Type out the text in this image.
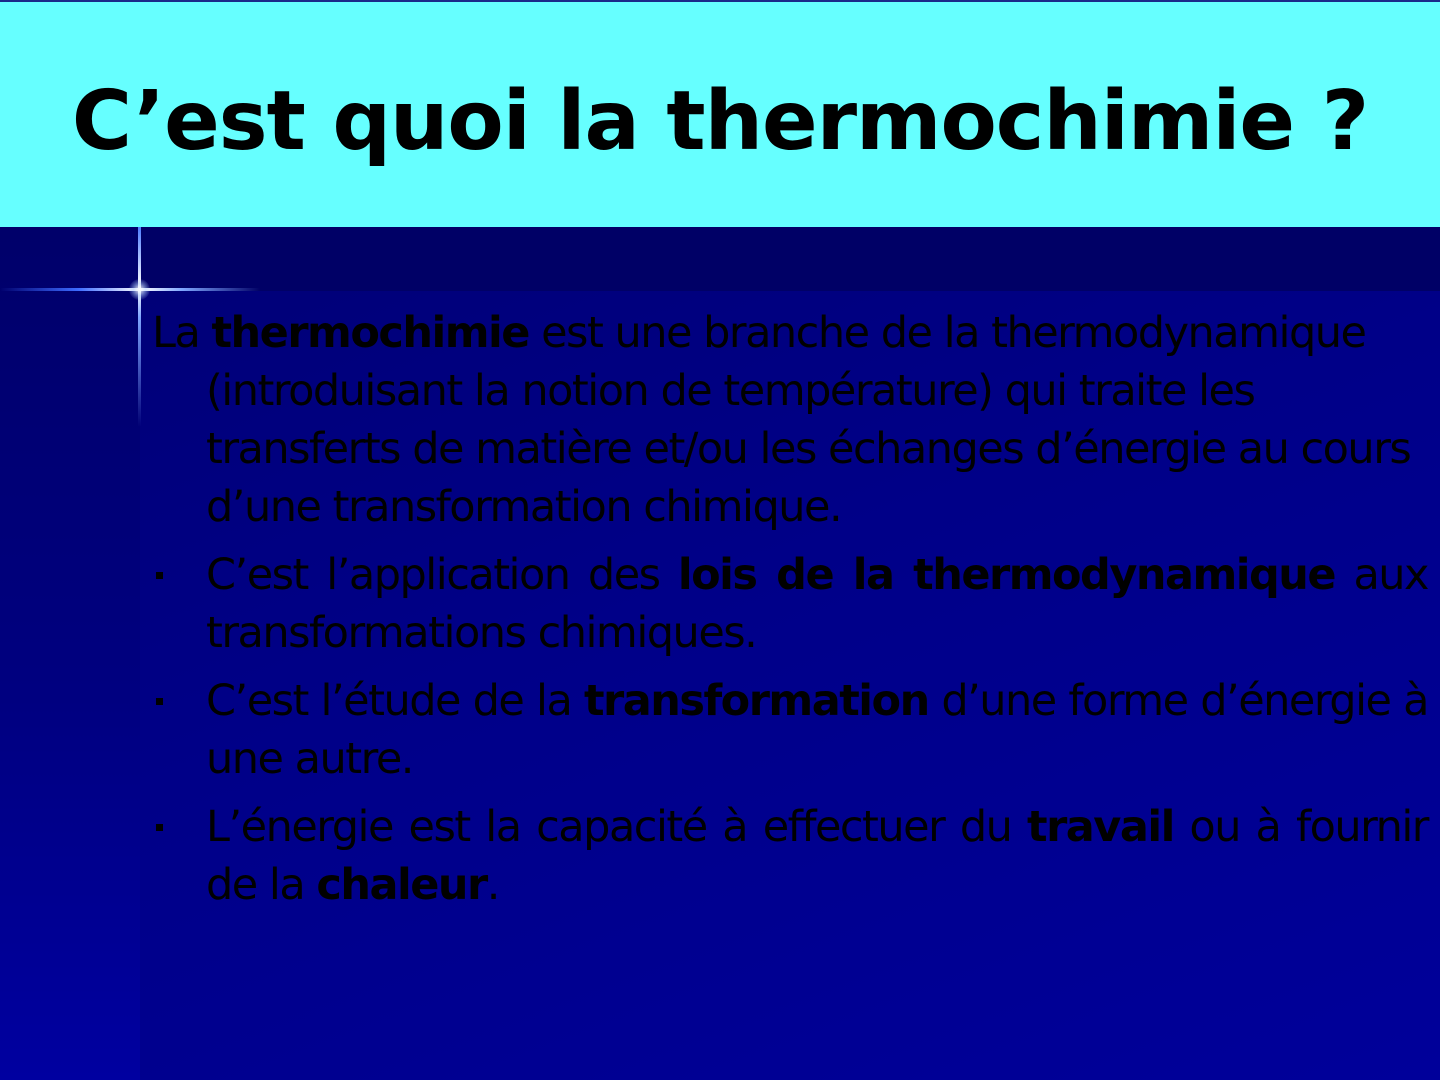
C’est quoi la thermochimie ?

La thermochimie est une branche de la thermodynamique (introduisant la notion de température) qui traite les transferts de matière et/ou les échanges d’énergie au cours d’une transformation chimique.

C’est l’application des lois de la thermodynamique aux transformations chimiques.

C’est l’étude de la transformation d’une forme d’énergie à une autre.

L’énergie est la capacité à effectuer du travail ou à fournir de la chaleur.
